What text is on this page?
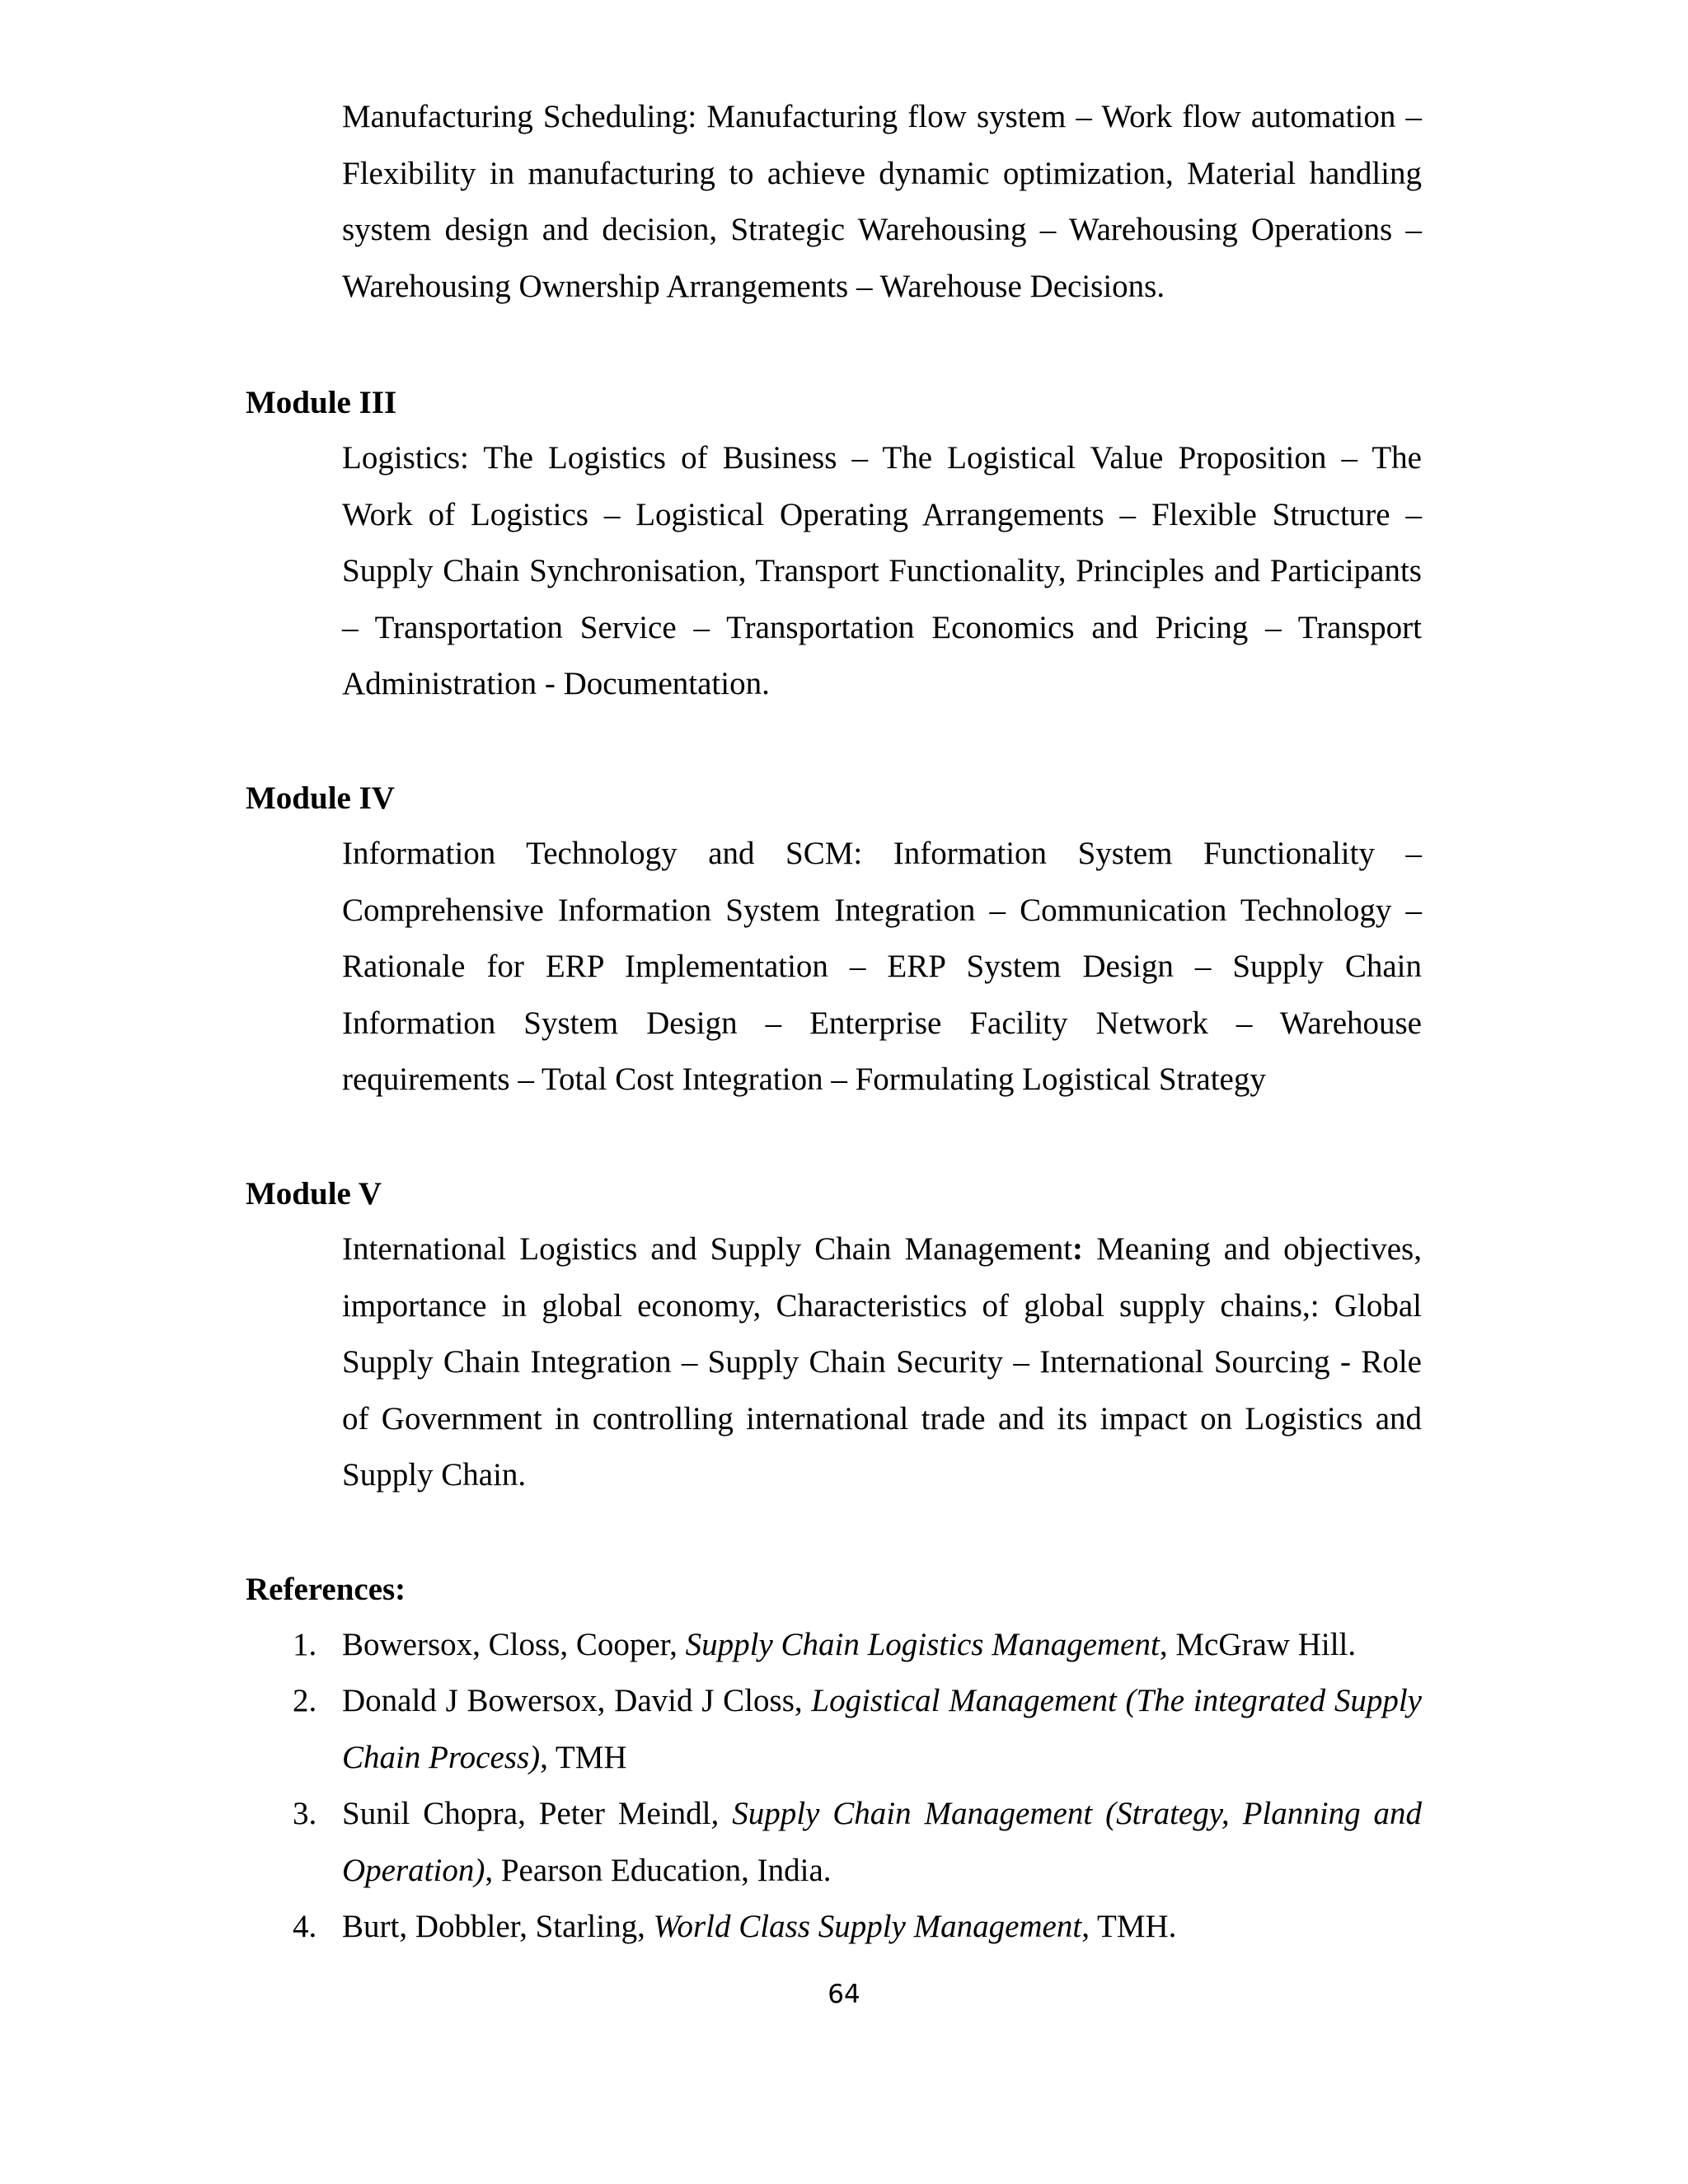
Manufacturing Scheduling: Manufacturing flow system – Work flow automation – Flexibility in manufacturing to achieve dynamic optimization, Material handling system design and decision, Strategic Warehousing – Warehousing Operations – Warehousing Ownership Arrangements – Warehouse Decisions.

Module III

Logistics: The Logistics of Business – The Logistical Value Proposition – The Work of Logistics – Logistical Operating Arrangements – Flexible Structure – Supply Chain Synchronisation, Transport Functionality, Principles and Participants – Transportation Service – Transportation Economics and Pricing – Transport Administration - Documentation.

Module IV

Information Technology and SCM: Information System Functionality – Comprehensive Information System Integration – Communication Technology – Rationale for ERP Implementation – ERP System Design – Supply Chain Information System Design – Enterprise Facility Network – Warehouse requirements – Total Cost Integration – Formulating Logistical Strategy

Module V

International Logistics and Supply Chain Management: Meaning and objectives, importance in global economy, Characteristics of global supply chains,: Global Supply Chain Integration – Supply Chain Security – International Sourcing - Role of Government in controlling international trade and its impact on Logistics and Supply Chain.

References:

1. Bowersox, Closs, Cooper, Supply Chain Logistics Management, McGraw Hill.

2. Donald J Bowersox, David J Closs, Logistical Management (The integrated Supply Chain Process), TMH

3. Sunil Chopra, Peter Meindl, Supply Chain Management (Strategy, Planning and Operation), Pearson Education, India.

4. Burt, Dobbler, Starling, World Class Supply Management, TMH.

64
